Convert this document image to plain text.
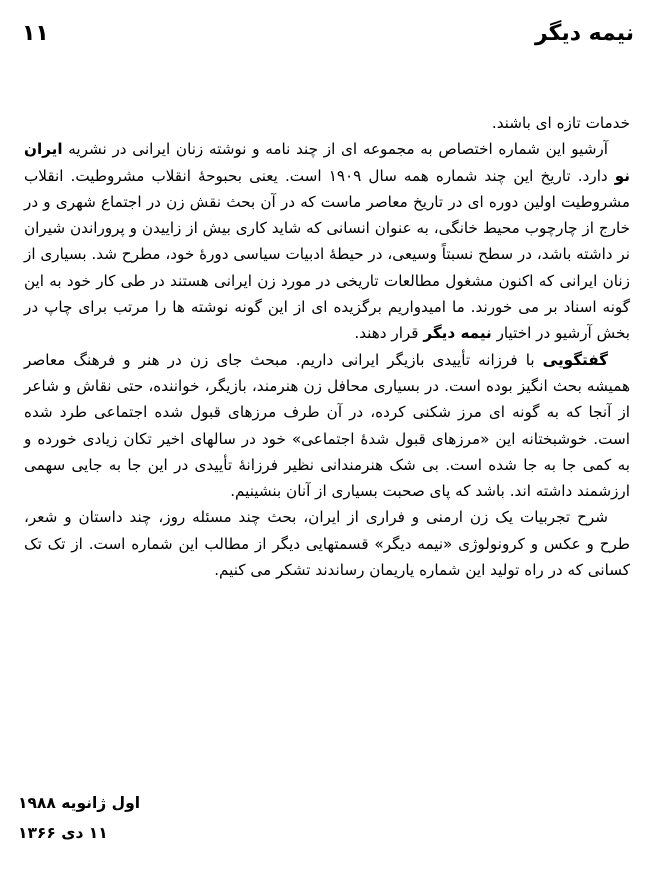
۱۱	نیمه دیگر

خدمات تازه ای باشند.

آرشیو این شماره اختصاص به مجموعه ای از چند نامه و نوشته زنان ایرانی در نشریه ایران نو دارد. تاریخ این چند شماره همه سال ۱۹۰۹ است. یعنی بحبوحهٔ انقلاب مشروطیت. انقلاب مشروطیت اولین دوره ای در تاریخ معاصر ماست که در آن بحث نقش زن در اجتماع شهری و در خارج از چارچوب محیط خانگی، به عنوان انسانی که شاید کاری بیش از زاییدن و پروراندن شیران نر داشته باشد، در سطح نسبتاً وسیعی، در حیطهٔ ادبیات سیاسی دورهٔ خود، مطرح شد. بسیاری از زنان ایرانی که اکنون مشغول مطالعات تاریخی در مورد زن ایرانی هستند در طی کار خود به این گونه اسناد بر می خورند. ما امیدواریم برگزیده ای از این گونه نوشته ها را مرتب برای چاپ در بخش آرشیو در اختیار نیمه دیگر قرار دهند.

گفتگویی با فرزانه تأییدی بازیگر ایرانی داریم. مبحث جای زن در هنر و فرهنگ معاصر همیشه بحث انگیز بوده است. در بسیاری محافل زن هنرمند، بازیگر، خواننده، حتی نقاش و شاعر از آنجا که به گونه ای مرز شکنی کرده، در آن طرف مرزهای قبول شده اجتماعی طرد شده است. خوشبختانه این «مرزهای قبول شدهٔ اجتماعی» خود در سالهای اخیر تکان زیادی خورده و به کمی جا به جا شده است. بی شک هنرمندانی نظیر فرزانهٔ تأییدی در این جا به جایی سهمی ارزشمند داشته اند. باشد که پای صحبت بسیاری از آنان بنشینیم.

شرح تجربیات یک زن ارمنی و فراری از ایران، بحث چند مسئله روز، چند داستان و شعر، طرح و عکس و کرونولوژی «نیمه دیگر» قسمتهایی دیگر از مطالب این شماره است. از تک تک کسانی که در راه تولید این شماره یاریمان رساندند تشکر می کنیم.

اول ژانویه ۱۹۸۸
۱۱ دی ۱۳۶۶
